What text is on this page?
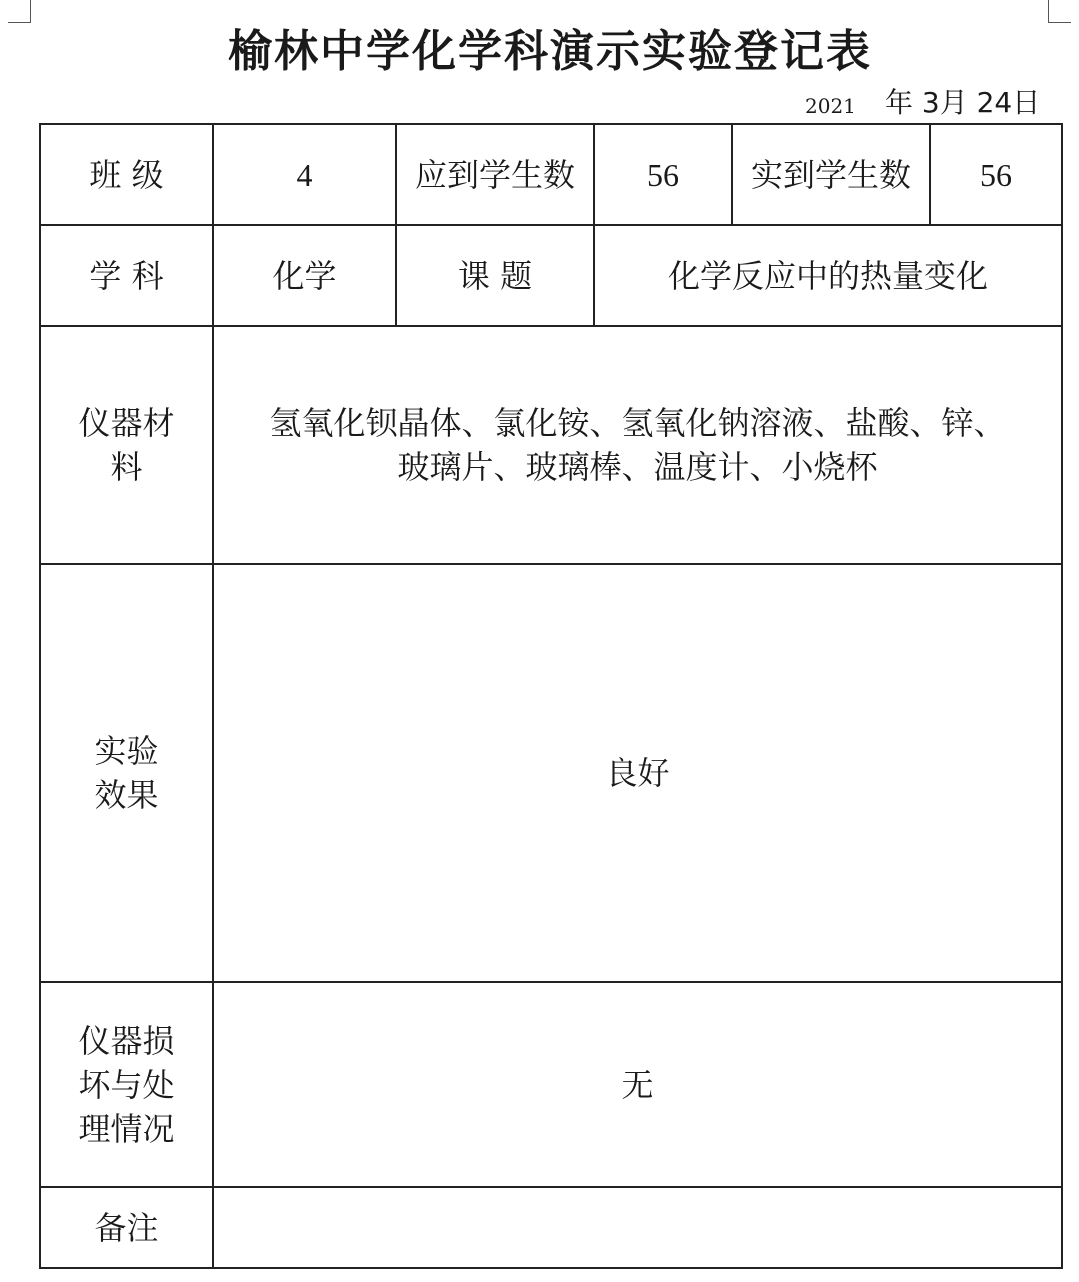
榆林中学化学科演示实验登记表
2021 年 3月 24日
班 级	4	应到学生数	56	实到学生数	56
学 科	化学	课 题	化学反应中的热量变化		
仪器材料	氢氧化钡晶体、氯化铵、氢氧化钠溶液、盐酸、锌、
玻璃片、玻璃棒、温度计、小烧杯				

实验效果	良好				
仪器损坏与处理情况	无				
备注					
